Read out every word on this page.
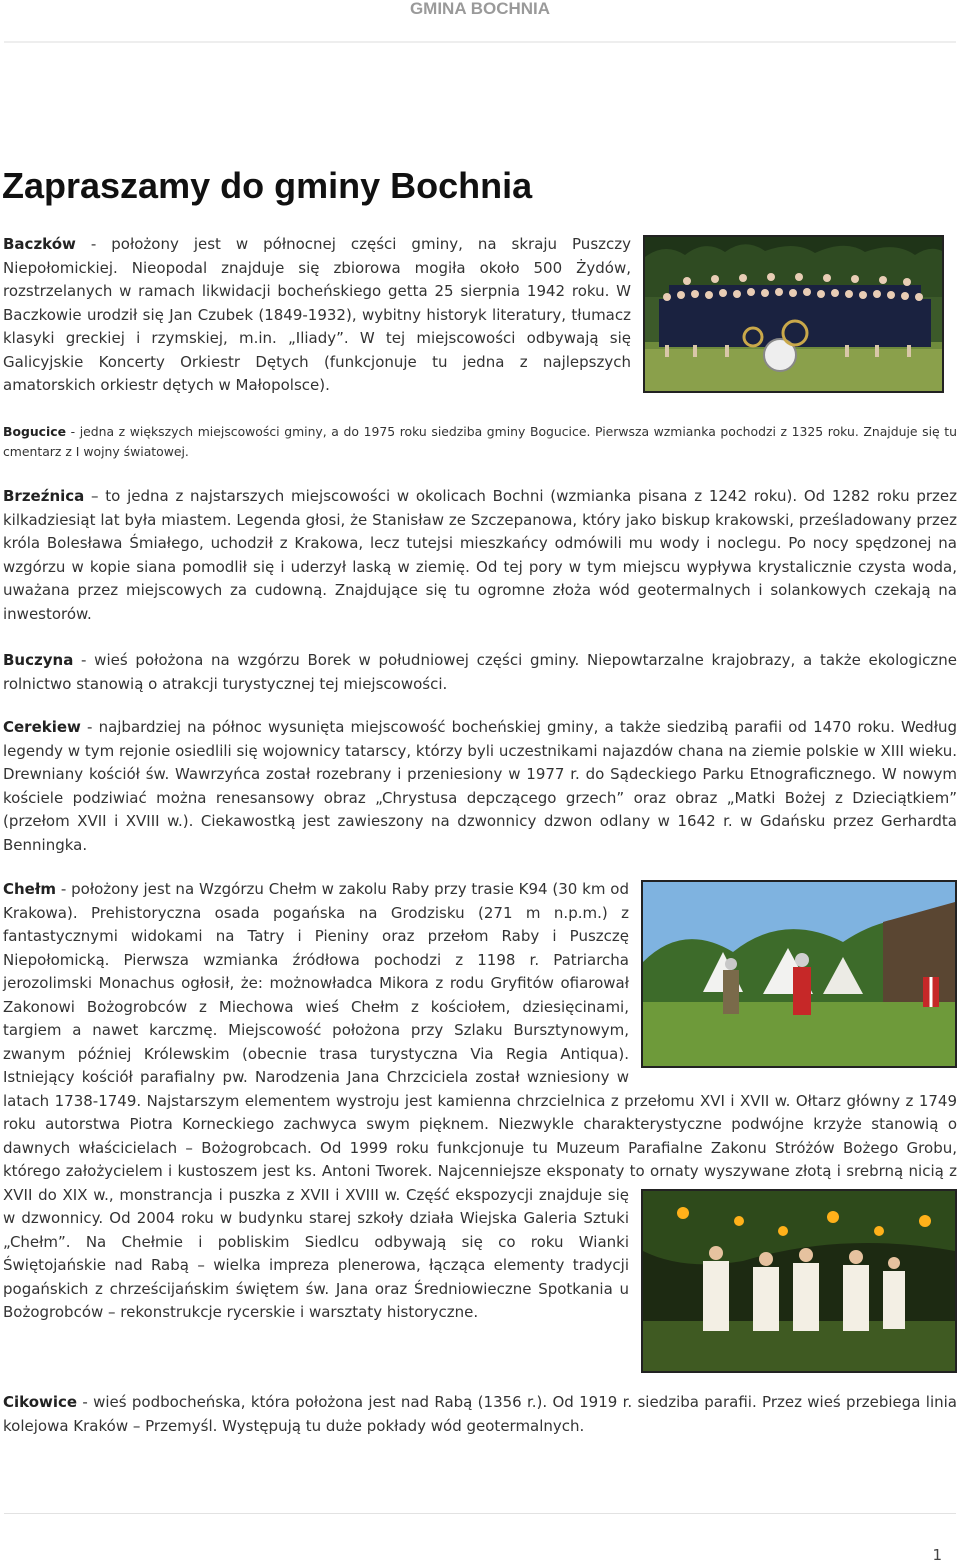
GMINA BOCHNIA
Zapraszamy do gminy Bochnia
Baczków - położony jest w północnej części gminy, na skraju Puszczy Niepołomickiej. Nieopodal znajduje się zbiorowa mogiła około 500 Żydów, rozstrzelanych w ramach likwidacji bocheńskiego getta 25 sierpnia 1942 roku. W Baczkowie urodził się Jan Czubek (1849-1932), wybitny historyk literatury, tłumacz klasyki greckiej i rzymskiej, m.in. „Iliady”. W tej miejscowości odbywają się Galicyjskie Koncerty Orkiestr Dętych (funkcjonuje tu jedna z najlepszych amatorskich orkiestr dętych w Małopolsce).
Bogucice - jedna z większych miejscowości gminy, a do 1975 roku siedziba gminy Bogucice. Pierwsza wzmianka pochodzi z 1325 roku. Znajduje się tu cmentarz z I wojny światowej.
Brzeźnica – to jedna z najstarszych miejscowości w okolicach Bochni (wzmianka pisana z 1242 roku). Od 1282 roku przez kilkadziesiąt lat była miastem. Legenda głosi, że Stanisław ze Szczepanowa, który jako biskup krakowski, prześladowany przez króla Bolesława Śmiałego, uchodził z Krakowa, lecz tutejsi mieszkańcy odmówili mu wody i noclegu. Po nocy spędzonej na wzgórzu w kopie siana pomodlił się i uderzył laską w ziemię. Od tej pory w tym miejscu wypływa krystalicznie czysta woda, uważana przez miejscowych za cudowną. Znajdujące się tu ogromne złoża wód geotermalnych i solankowych czekają na inwestorów.
Buczyna - wieś położona na wzgórzu Borek w południowej części gminy. Niepowtarzalne krajobrazy, a także ekologiczne rolnictwo stanowią o atrakcji turystycznej tej miejscowości.
Cerekiew - najbardziej na północ wysunięta miejscowość bocheńskiej gminy, a także siedzibą parafii od 1470 roku. Według legendy w tym rejonie osiedlili się wojownicy tatarscy, którzy byli uczestnikami najazdów chana na ziemie polskie w XIII wieku. Drewniany kościół św. Wawrzyńca został rozebrany i przeniesiony w 1977 r. do Sądeckiego Parku Etnograficznego. W nowym kościele podziwiać można renesansowy obraz „Chrystusa depczącego grzech” oraz obraz „Matki Bożej z Dzieciątkiem” (przełom XVII i XVIII w.). Ciekawostką jest zawieszony na dzwonnicy dzwon odlany w 1642 r. w Gdańsku przez Gerhardta Benningka.
Chełm - położony jest na Wzgórzu Chełm w zakolu Raby przy trasie K94 (30 km od Krakowa). Prehistoryczna osada pogańska na Grodzisku (271 m n.p.m.) z fantastycznymi widokami na Tatry i Pieniny oraz przełom Raby i Puszczę Niepołomicką. Pierwsza wzmianka źródłowa pochodzi z 1198 r. Patriarcha jerozolimski Monachus ogłosił, że: możnowładca Mikora z rodu Gryfitów ofiarował Zakonowi Bożogrobców z Miechowa wieś Chełm z kościołem, dziesięcinami, targiem a nawet karczmę. Miejscowość położona przy Szlaku Bursztynowym, zwanym później Królewskim (obecnie trasa turystyczna Via Regia Antiqua). Istniejący kościół parafialny pw. Narodzenia Jana Chrzciciela został wzniesiony w latach 1738-1749. Najstarszym elementem wystroju jest kamienna chrzcielnica z przełomu XVI i XVII w. Ołtarz główny z 1749 roku autorstwa Piotra Korneckiego zachwyca swym pięknem. Niezwykle charakterystyczne podwójne krzyże stanowią o dawnych właścicielach – Bożogrobcach. Od 1999 roku funkcjonuje tu Muzeum Parafialne Zakonu Stróżów Bożego Grobu, którego założycielem i kustoszem jest ks. Antoni Tworek. Najcenniejsze eksponaty to ornaty wyszywane złotą i srebrną nicią z XVII do XIX w., monstrancja i puszka z XVII i XVIII w. Część ekspozycji znajduje się w dzwonnicy. Od 2004 roku w budynku starej szkoły działa Wiejska Galeria Sztuki „Chełm”. Na Chełmie i pobliskim Siedlcu odbywają się co roku Wianki Świętojańskie nad Rabą – wielka impreza plenerowa, łącząca elementy tradycji pogańskich z chrześcijańskim świętem św. Jana oraz Średniowieczne Spotkania u Bożogrobców – rekonstrukcje rycerskie i warsztaty historyczne.
Cikowice - wieś podbocheńska, która położona jest nad Rabą (1356 r.). Od 1919 r. siedziba parafii. Przez wieś przebiega linia kolejowa Kraków – Przemyśl. Występują tu duże pokłady wód geotermalnych.
1
